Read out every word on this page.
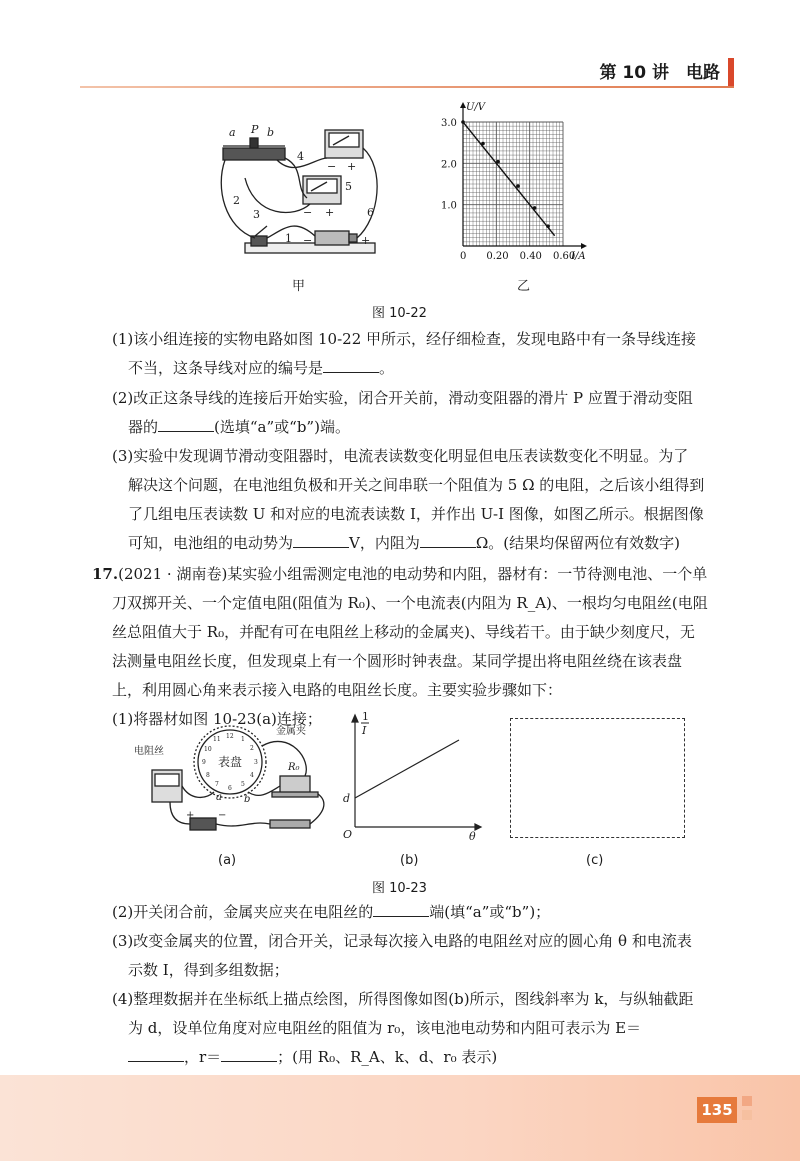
第 10 讲　电路
a P b
4
2
3
5
6
1
− +
− +
−	+
甲
0 0.20 0.40 0.60
1.0
2.0
3.0
I/A
U/V
乙
图 10-22
(1)该小组连接的实物电路如图 10-22 甲所示，经仔细检查，发现电路中有一条导线连接
不当，这条导线对应的编号是	。
(2)改正这条导线的连接后开始实验，闭合开关前，滑动变阻器的滑片 P 应置于滑动变阻
器的	(选填“a”或“b”)端。
(3)实验中发现调节滑动变阻器时，电流表读数变化明显但电压表读数变化不明显。为了
解决这个问题，在电池组负极和开关之间串联一个阻值为 5 Ω 的电阻，之后该小组得到
了几组电压表读数 U 和对应的电流表读数 I，并作出 U-I 图像，如图乙所示。根据图像
可知，电池组的电动势为	V，内阻为	Ω。(结果均保留两位有效数字)
17.(2021 · 湖南卷)某实验小组需测定电池的电动势和内阻，器材有：一节待测电池、一个单
刀双掷开关、一个定值电阻(阻值为 R₀)、一个电流表(内阻为 R_A)、一根均匀电阻丝(电阻
丝总阻值大于 R₀，并配有可在电阻丝上移动的金属夹)、导线若干。由于缺少刻度尺，无
法测量电阻丝长度，但发现桌上有一个圆形时钟表盘。某同学提出将电阻丝绕在该表盘
上，利用圆心角来表示接入电路的电阻丝长度。主要实验步骤如下：
(1)将器材如图 10-23(a)连接；
电阻丝
金属夹
表盘	R₀
a b
+ −
12 1
2
3
4
5
6
7
8
9
10
11
(a)
1
I
d
O	θ
(b)	(c)
图 10-23
(2)开关闭合前，金属夹应夹在电阻丝的	端(填“a”或“b”)；
(3)改变金属夹的位置，闭合开关，记录每次接入电路的电阻丝对应的圆心角 θ 和电流表
示数 I，得到多组数据；
(4)整理数据并在坐标纸上描点绘图，所得图像如图(b)所示，图线斜率为 k，与纵轴截距
为 d，设单位角度对应电阻丝的阻值为 r₀，该电池电动势和内阻可表示为 E＝
，r＝	；(用 R₀、R_A、k、d、r₀ 表示)
135
